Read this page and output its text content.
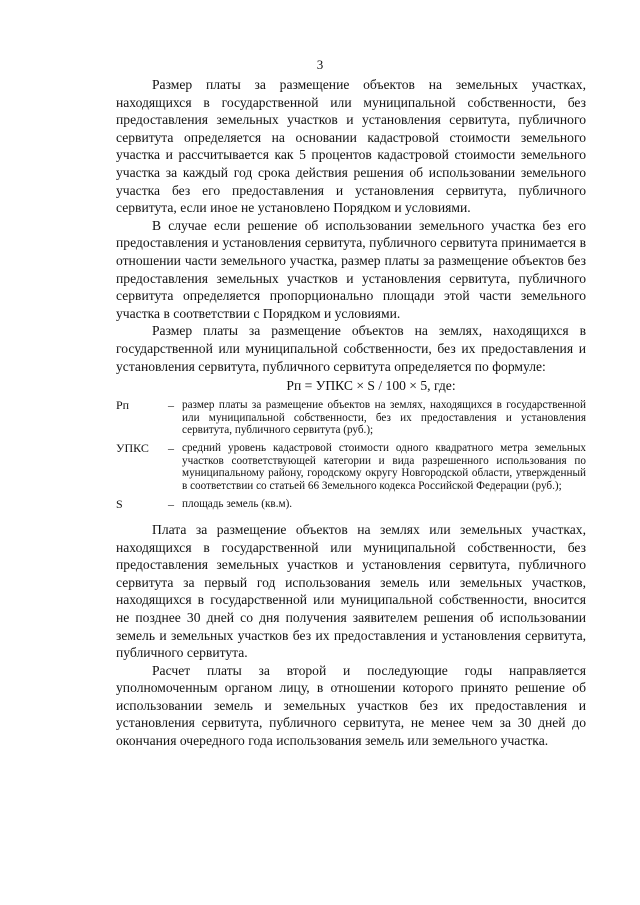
3

Размер платы за размещение объектов на земельных участках, находящихся в государственной или муниципальной собственности, без предоставления земельных участков и установления сервитута, публичного сервитута определяется на основании кадастровой стоимости земельного участка и рассчитывается как 5 процентов кадастровой стоимости земельного участка за каждый год срока действия решения об использовании земельного участка без его предоставления и установления сервитута, публичного сервитута, если иное не установлено Порядком и условиями.

В случае если решение об использовании земельного участка без его предоставления и установления сервитута, публичного сервитута принимается в отношении части земельного участка, размер платы за размещение объектов без предоставления земельных участков и установления сервитута, публичного сервитута определяется пропорционально площади этой части земельного участка в соответствии с Порядком и условиями.

Размер платы за размещение объектов на землях, находящихся в государственной или муниципальной собственности, без их предоставления и установления сервитута, публичного сервитута определяется по формуле:

Рп = УПКС × S / 100 × 5, где:
Рп	– размер платы за размещение объектов на землях, находящихся в государственной или муниципальной собственности, без их предоставления и установления сервитута, публичного сервитута (руб.);
УПКС	– средний уровень кадастровой стоимости одного квадратного метра земельных участков соответствующей категории и вида разрешенного использования по муниципальному району, городскому округу Новгородской области, утвержденный в соответствии со статьей 66 Земельного кодекса Российской Федерации (руб.);
S	– площадь земель (кв.м).

Плата за размещение объектов на землях или земельных участках, находящихся в государственной или муниципальной собственности, без предоставления земельных участков и установления сервитута, публичного сервитута за первый год использования земель или земельных участков, находящихся в государственной или муниципальной собственности, вносится не позднее 30 дней со дня получения заявителем решения об использовании земель и земельных участков без их предоставления и установления сервитута, публичного сервитута.

Расчет платы за второй и последующие годы направляется уполномоченным органом лицу, в отношении которого принято решение об использовании земель и земельных участков без их предоставления и установления сервитута, публичного сервитута, не менее чем за 30 дней до окончания очередного года использования земель или земельного участка.
